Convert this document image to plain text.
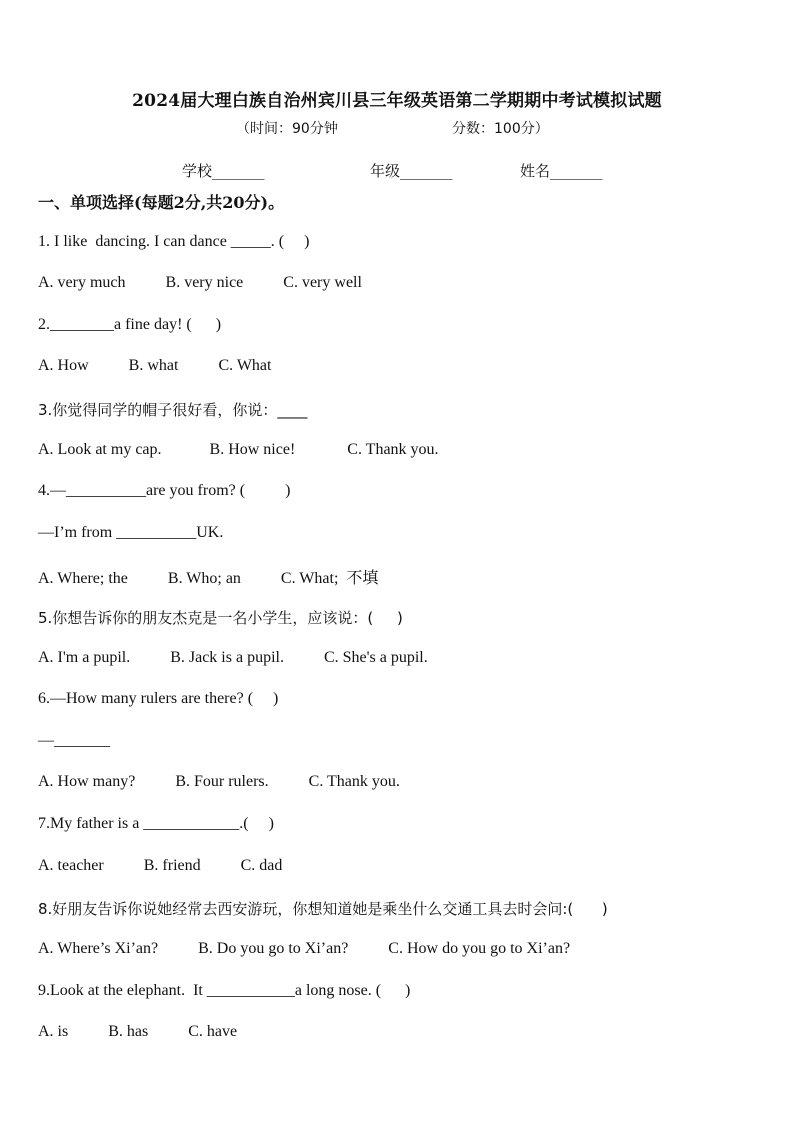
2024届大理白族自治州宾川县三年级英语第二学期期中考试模拟试题
（时间：90分钟	分数：100分）
学校_______	年级_______	姓名_______
一、单项选择(每题2分,共20分)。
1. I like  dancing. I can dance _____. (     )
A. very much          B. very nice          C. very well
2.________a fine day! (      )
A. How          B. what          C. What
3.你觉得同学的帽子很好看，你说：____
A. Look at my cap.            B. How nice!             C. Thank you.
4.—__________are you from? (          )
—I’m from __________UK.
A. Where; the          B. Who; an          C. What;  不填
5.你想告诉你的朋友杰克是一名小学生，应该说：(     )
A. I'm a pupil.          B. Jack is a pupil.          C. She's a pupil.
6.—How many rulers are there? (     )
—_______
A. How many?          B. Four rulers.          C. Thank you.
7.My father is a ____________.(     )
A. teacher          B. friend          C. dad
8.好朋友告诉你说她经常去西安游玩，你想知道她是乘坐什么交通工具去时会问:(      )
A. Where’s Xi’an?          B. Do you go to Xi’an?          C. How do you go to Xi’an?
9.Look at the elephant.  It ___________a long nose. (      )
A. is          B. has          C. have
